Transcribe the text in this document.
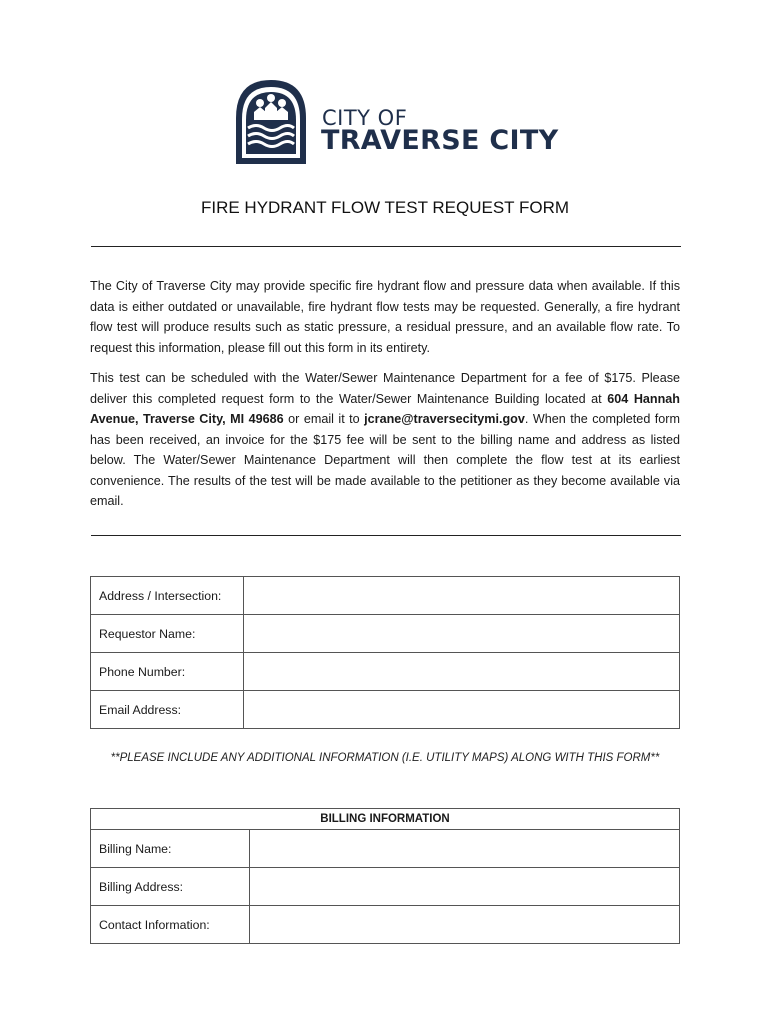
CITY OF
TRAVERSE CITY
FIRE HYDRANT FLOW TEST REQUEST FORM

The City of Traverse City may provide specific fire hydrant flow and pressure data when available. If this data is either outdated or unavailable, fire hydrant flow tests may be requested. Generally, a fire hydrant flow test will produce results such as static pressure, a residual pressure, and an available flow rate. To request this information, please fill out this form in its entirety.

This test can be scheduled with the Water/Sewer Maintenance Department for a fee of $175. Please deliver this completed request form to the Water/Sewer Maintenance Building located at 604 Hannah Avenue, Traverse City, MI 49686 or email it to jcrane@traversecitymi.gov. When the completed form has been received, an invoice for the $175 fee will be sent to the billing name and address as listed below. The Water/Sewer Maintenance Department will then complete the flow test at its earliest convenience. The results of the test will be made available to the petitioner as they become available via email.

Address / Intersection:	
Requestor Name:	
Phone Number:	
Email Address:	
**PLEASE INCLUDE ANY ADDITIONAL INFORMATION (I.E. UTILITY MAPS) ALONG WITH THIS FORM**
BILLING INFORMATION	
Billing Name:	
Billing Address:	
Contact Information:	
